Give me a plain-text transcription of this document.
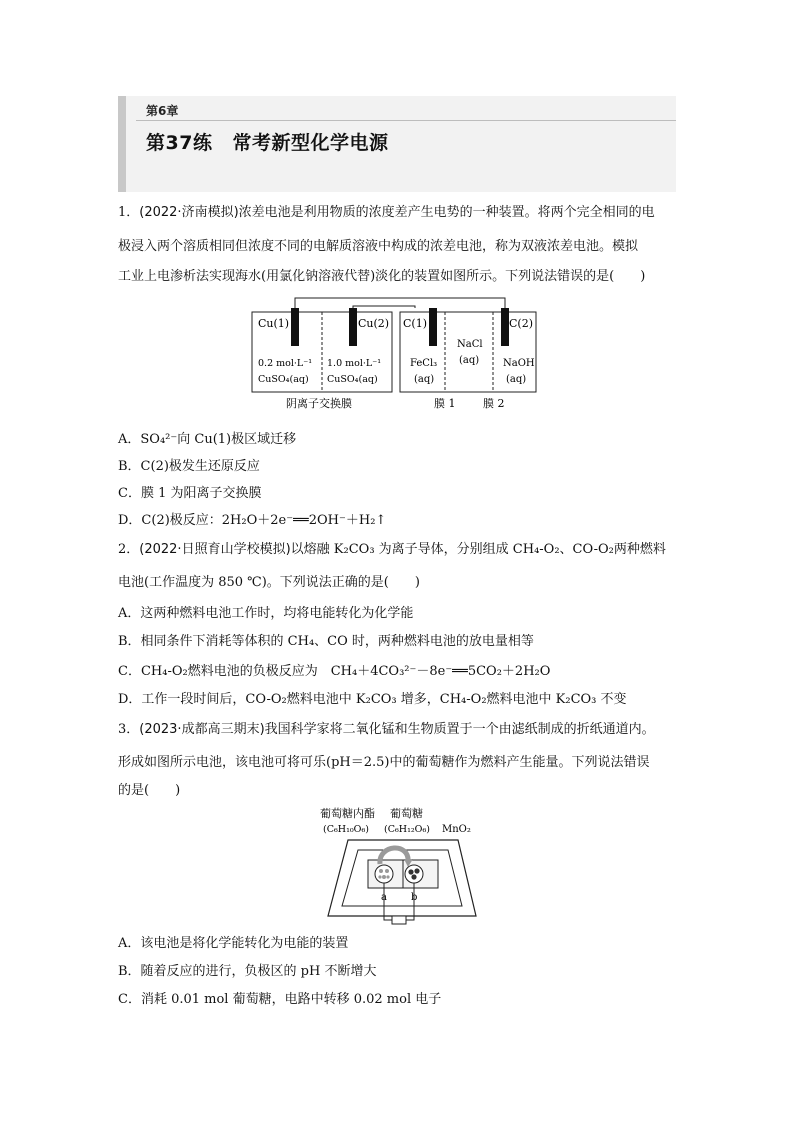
第6章
第37练 常考新型化学电源
1．(2022·济南模拟)浓差电池是利用物质的浓度差产生电势的一种装置。将两个完全相同的电
极浸入两个溶质相同但浓度不同的电解质溶液中构成的浓差电池，称为双液浓差电池。模拟
工业上电渗析法实现海水(用氯化钠溶液代替)淡化的装置如图所示。下列说法错误的是(　　)
Cu(1)	Cu(2) C(1)	C(2)
0.2 mol·L⁻¹
CuSO₄(aq)
1.0 mol·L⁻¹
CuSO₄(aq)
FeCl₃
(aq)
NaCl
(aq) NaOH
(aq)
阴离子交换膜	膜 1	膜 2
A．SO₄²⁻向 Cu(1)极区域迁移
B．C(2)极发生还原反应
C．膜 1 为阳离子交换膜
D．C(2)极反应：2H₂O＋2e⁻══2OH⁻＋H₂↑
2．(2022·日照育山学校模拟)以熔融 K₂CO₃ 为离子导体，分别组成 CH₄-O₂、CO-O₂两种燃料
电池(工作温度为 850 ℃)。下列说法正确的是(　　)
A．这两种燃料电池工作时，均将电能转化为化学能
B．相同条件下消耗等体积的 CH₄、CO 时，两种燃料电池的放电量相等
C．CH₄-O₂燃料电池的负极反应为　CH₄＋4CO₃²⁻－8e⁻══5CO₂＋2H₂O
D．工作一段时间后，CO-O₂燃料电池中 K₂CO₃ 增多，CH₄-O₂燃料电池中 K₂CO₃ 不变
3．(2023·成都高三期末)我国科学家将二氧化锰和生物质置于一个由滤纸制成的折纸通道内。
形成如图所示电池，该电池可将可乐(pH＝2.5)中的葡萄糖作为燃料产生能量。下列说法错误
的是(　　)
葡萄糖内酯 葡萄糖
(C₆H₁₀O₆) (C₆H₁₂O₆) MnO₂
a b
A．该电池是将化学能转化为电能的装置
B．随着反应的进行，负极区的 pH 不断增大
C．消耗 0.01 mol 葡萄糖，电路中转移 0.02 mol 电子
